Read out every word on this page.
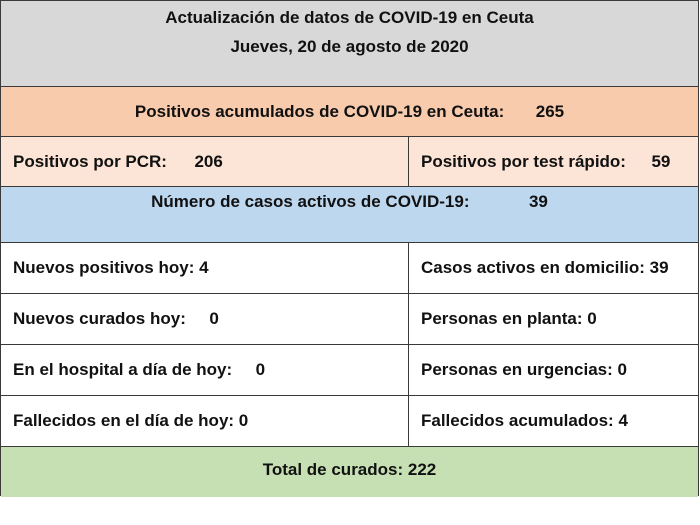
Actualización de datos de COVID-19 en Ceuta
Jueves, 20 de agosto de 2020
Positivos acumulados de COVID-19 en Ceuta: 265
Positivos por PCR: 206	Positivos por test rápido: 59
Número de casos activos de COVID-19:	39
Nuevos positivos hoy: 4	Casos activos en domicilio: 39
Nuevos curados hoy: 0	Personas en planta: 0
En el hospital a día de hoy: 0	Personas en urgencias: 0
Fallecidos en el día de hoy: 0	Fallecidos acumulados: 4
Total de curados: 222
